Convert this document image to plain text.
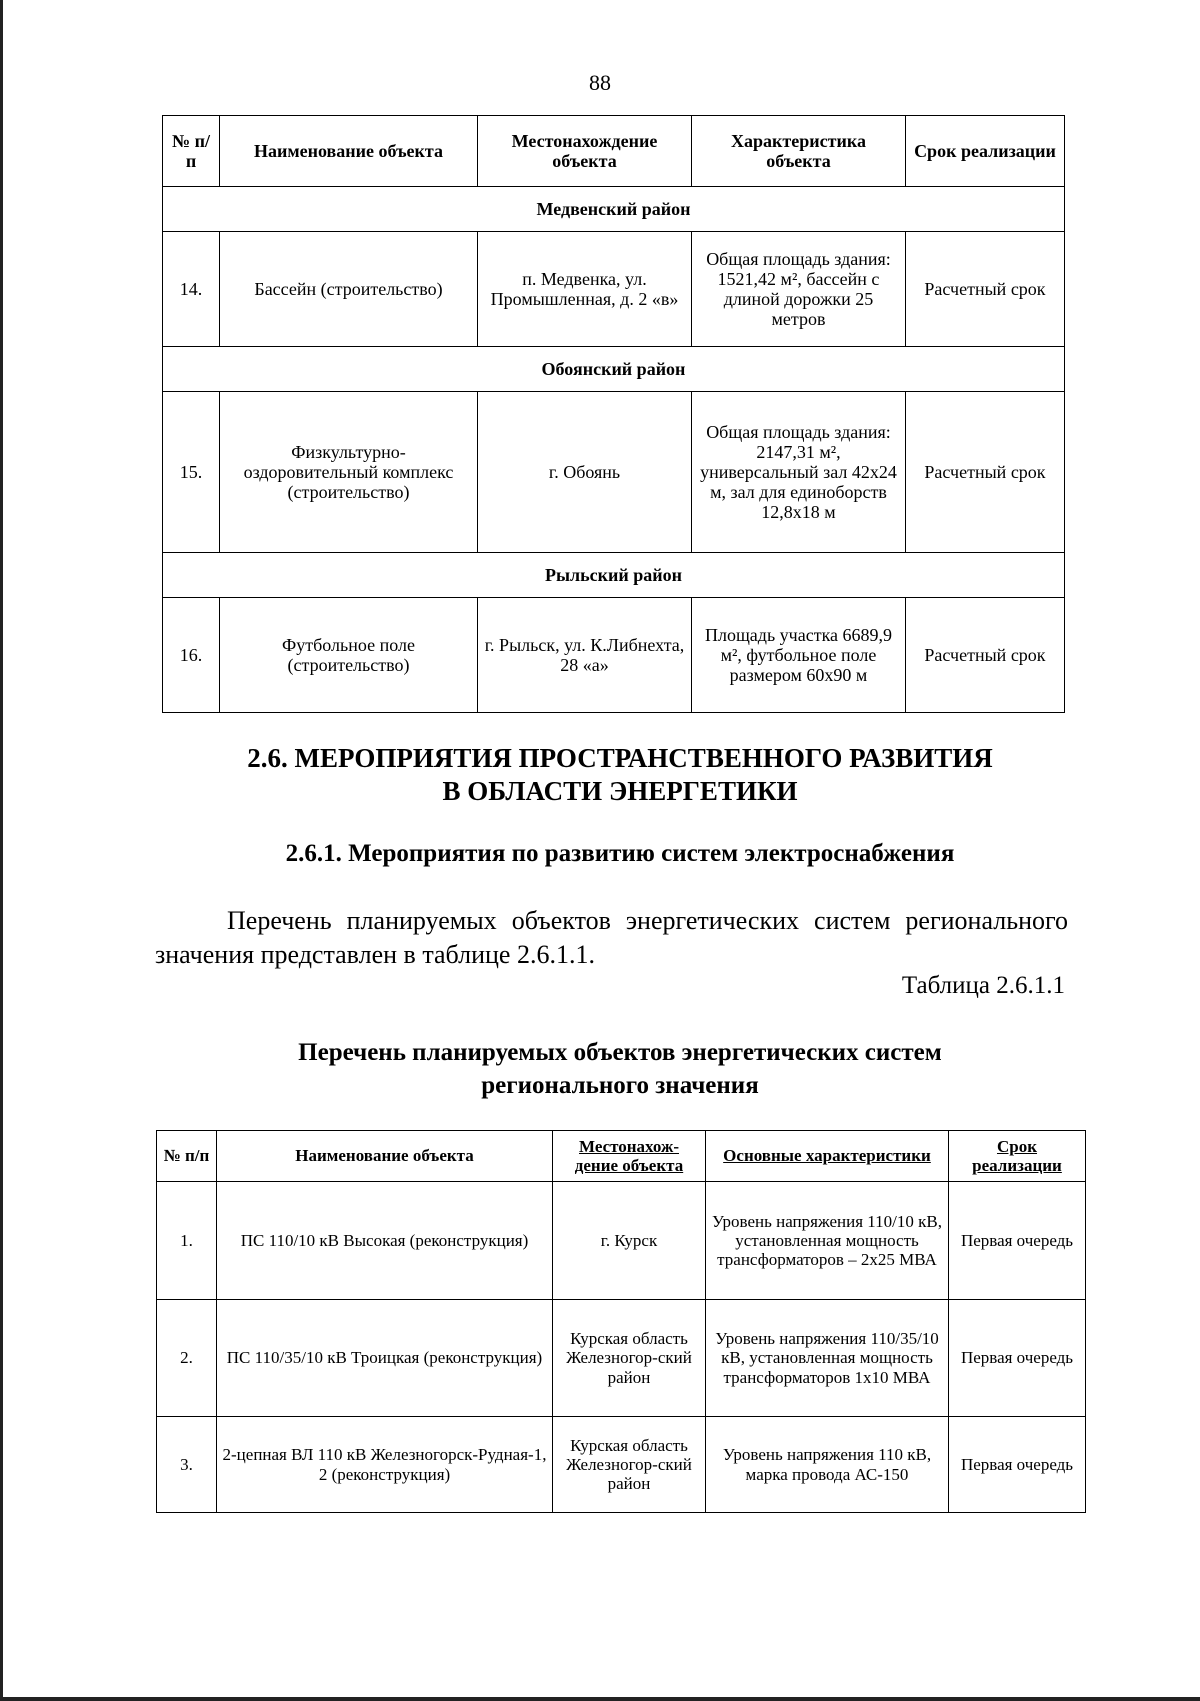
88
№ п/п	Наименование объекта	Местонахождение объекта	Характеристика объекта	Срок реализации
Медвенский район				
14.	Бассейн (строительство)	п. Медвенка, ул. Промышленная, д. 2 «в»	Общая площадь здания: 1521,42 м², бассейн с длиной дорожки 25 метров	Расчетный срок
Обоянский район				
15.	Физкультурно-оздоровительный комплекс (строительство)	г. Обоянь	Общая площадь здания: 2147,31 м², универсальный зал 42х24 м, зал для единоборств 12,8х18 м	Расчетный срок
Рыльский район				
16.	Футбольное поле (строительство)	г. Рыльск, ул. К.Либнехта, 28 «а»	Площадь участка 6689,9 м², футбольное поле размером 60х90 м	Расчетный срок
2.6. МЕРОПРИЯТИЯ ПРОСТРАНСТВЕННОГО РАЗВИТИЯ
В ОБЛАСТИ ЭНЕРГЕТИКИ
2.6.1. Мероприятия по развитию систем электроснабжения

Перечень планируемых объектов энергетических систем регионального значения представлен в таблице 2.6.1.1.

Таблица 2.6.1.1
Перечень планируемых объектов энергетических систем
регионального значения
№ п/п	Наименование объекта	Местонахож-дение объекта	Основные характеристики	Срок реализации
1.	ПС 110/10 кВ Высокая (реконструкция)	г. Курск	Уровень напряжения 110/10 кВ, установленная мощность трансформаторов – 2х25 МВА	Первая очередь
2.	ПС 110/35/10 кВ Троицкая (реконструкция)	Курская область Железногор-ский район	Уровень напряжения 110/35/10 кВ, установленная мощность трансформаторов 1х10 МВА	Первая очередь
3.	2-цепная ВЛ 110 кВ Железногорск-Рудная-1, 2 (реконструкция)	Курская область Железногор-ский район	Уровень напряжения 110 кВ, марка провода АС-150	Первая очередь
